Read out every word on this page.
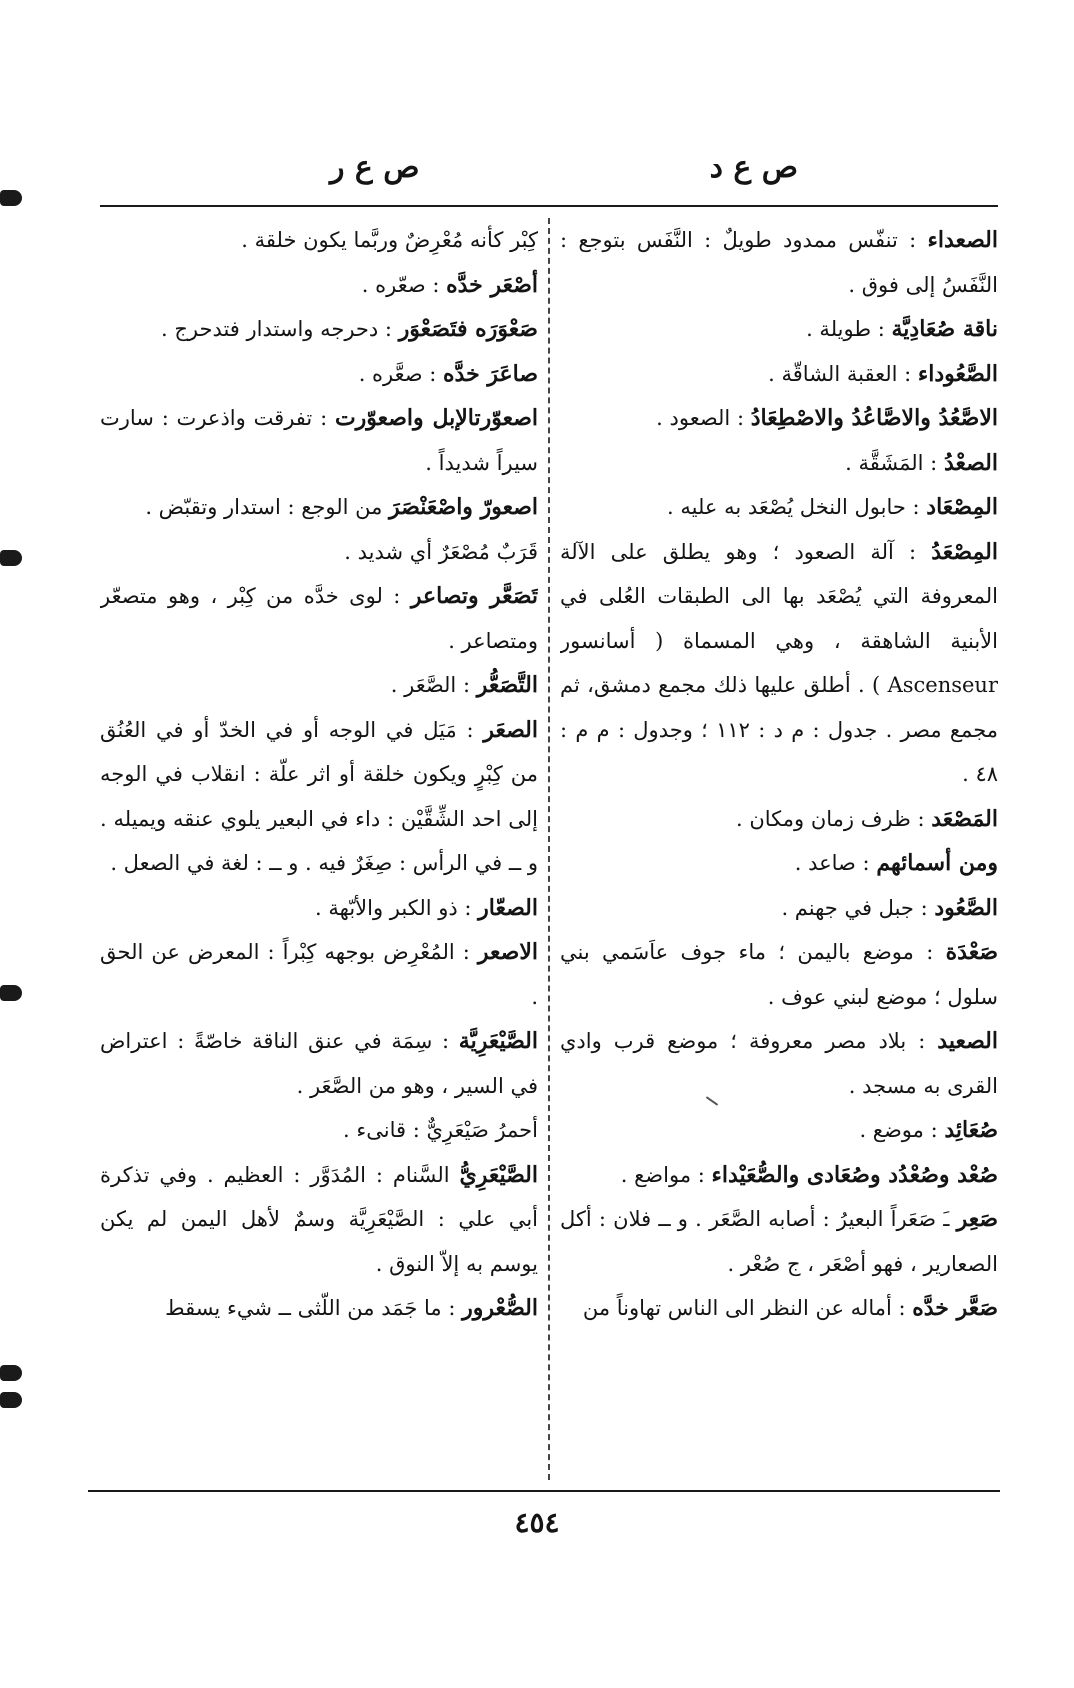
ص ع د
ص ع ر

الصعداء : تنفّس ممدود طويلٌ : النَّفَس بتوجع : النَّفَسُ إلى فوق .

ناقة صُعَادِيَّة : طويلة .

الصَّعُوداء : العقبة الشاقّة .

الاصَّعُدُ والاصَّاعُدُ والاصْطِعَادُ : الصعود .

الصعْدُ : المَشَقَّة .

المِصْعَاد : حابول النخل يُصْعَد به عليه .

المِصْعَدُ : آلة الصعود ؛ وهو يطلق على الآلة المعروفة التي يُصْعَد بها الى الطبقات العُلى في الأبنية الشاهقة ، وهي المسماة ( أسانسور Ascenseur ) . أطلق عليها ذلك مجمع دمشق، ثم مجمع مصر . جدول : م د : ١١٢ ؛ وجدول : م م : ٤٨ .

المَصْعَد : ظرف زمان ومكان .

ومن أسمائهم : صاعد .

الصَّعُود : جبل في جهنم .

صَعْدَة : موضع باليمن ؛ ماء جوف عاَسَمي بني سلول ؛ موضع لبني عوف .

الصعيد : بلاد مصر معروفة ؛ موضع قرب وادي القرى به مسجد .

صُعَائِد : موضع .

صُعْد وصُعْدُد وصُعَادى والصُّعَيْداء : مواضع .

صَعِر ـَ صَعَراً البعيرُ : أصابه الصَّعَر . و ــ فلان : أكل الصعارير ، فهو أصْعَر ، ج صُعْر .

صَعَّر خدَّه : أماله عن النظر الى الناس تهاوناً من

كِبْر كأنه مُعْرِضٌ وربَّما يكون خلقة .

أصْعَر خدَّه : صعّره .

صَعْوَرَه فتَصَعْوَر : دحرجه واستدار فتدحرج .

صاعَرَ خدَّه : صعَّره .

اصعوّرتالإبل واصعوّرت : تفرقت واذعرت : سارت سيراً شديداً .

اصعورّ واصْعَنْصَرَ من الوجع : استدار وتقبّض .

قَرَبٌ مُصْعَرٌ أي شديد .

تَصَعَّر وتصاعر : لوى خدَّه من كِبْر ، وهو متصعّر ومتصاعر .

التَّصَعُّر : الصَّعَر .

الصعَر : مَيَل في الوجه أو في الخدّ أو في العُنُق من كِبْرٍ ويكون خلقة أو اثر علّة : انقلاب في الوجه إلى احد الشِّقَّيْن : داء في البعير يلوي عنقه ويميله . و ــ في الرأس : صِغَرٌ فيه . و ــ : لغة في الصعل .

الصعّار : ذو الكبر والأبّهة .

الاصعر : المُعْرِض بوجهه كِبْراً : المعرض عن الحق .

الصَّيْعَرِيَّة : سِمَة في عنق الناقة خاصّةً : اعتراض في السير ، وهو من الصَّعَر .

أحمرُ صَيْعَرِيٌّ : قانىء .

الصَّيْعَرِيُّ السَّنام : المُدَوَّر : العظيم . وفي تذكرة أبي علي : الصَّيْعَرِيَّة وسمٌ لأهل اليمن لم يكن يوسم به إلاّ النوق .

الصُّعْرور : ما جَمَد من اللّثى ــ شيء يسقط

٤٥٤
